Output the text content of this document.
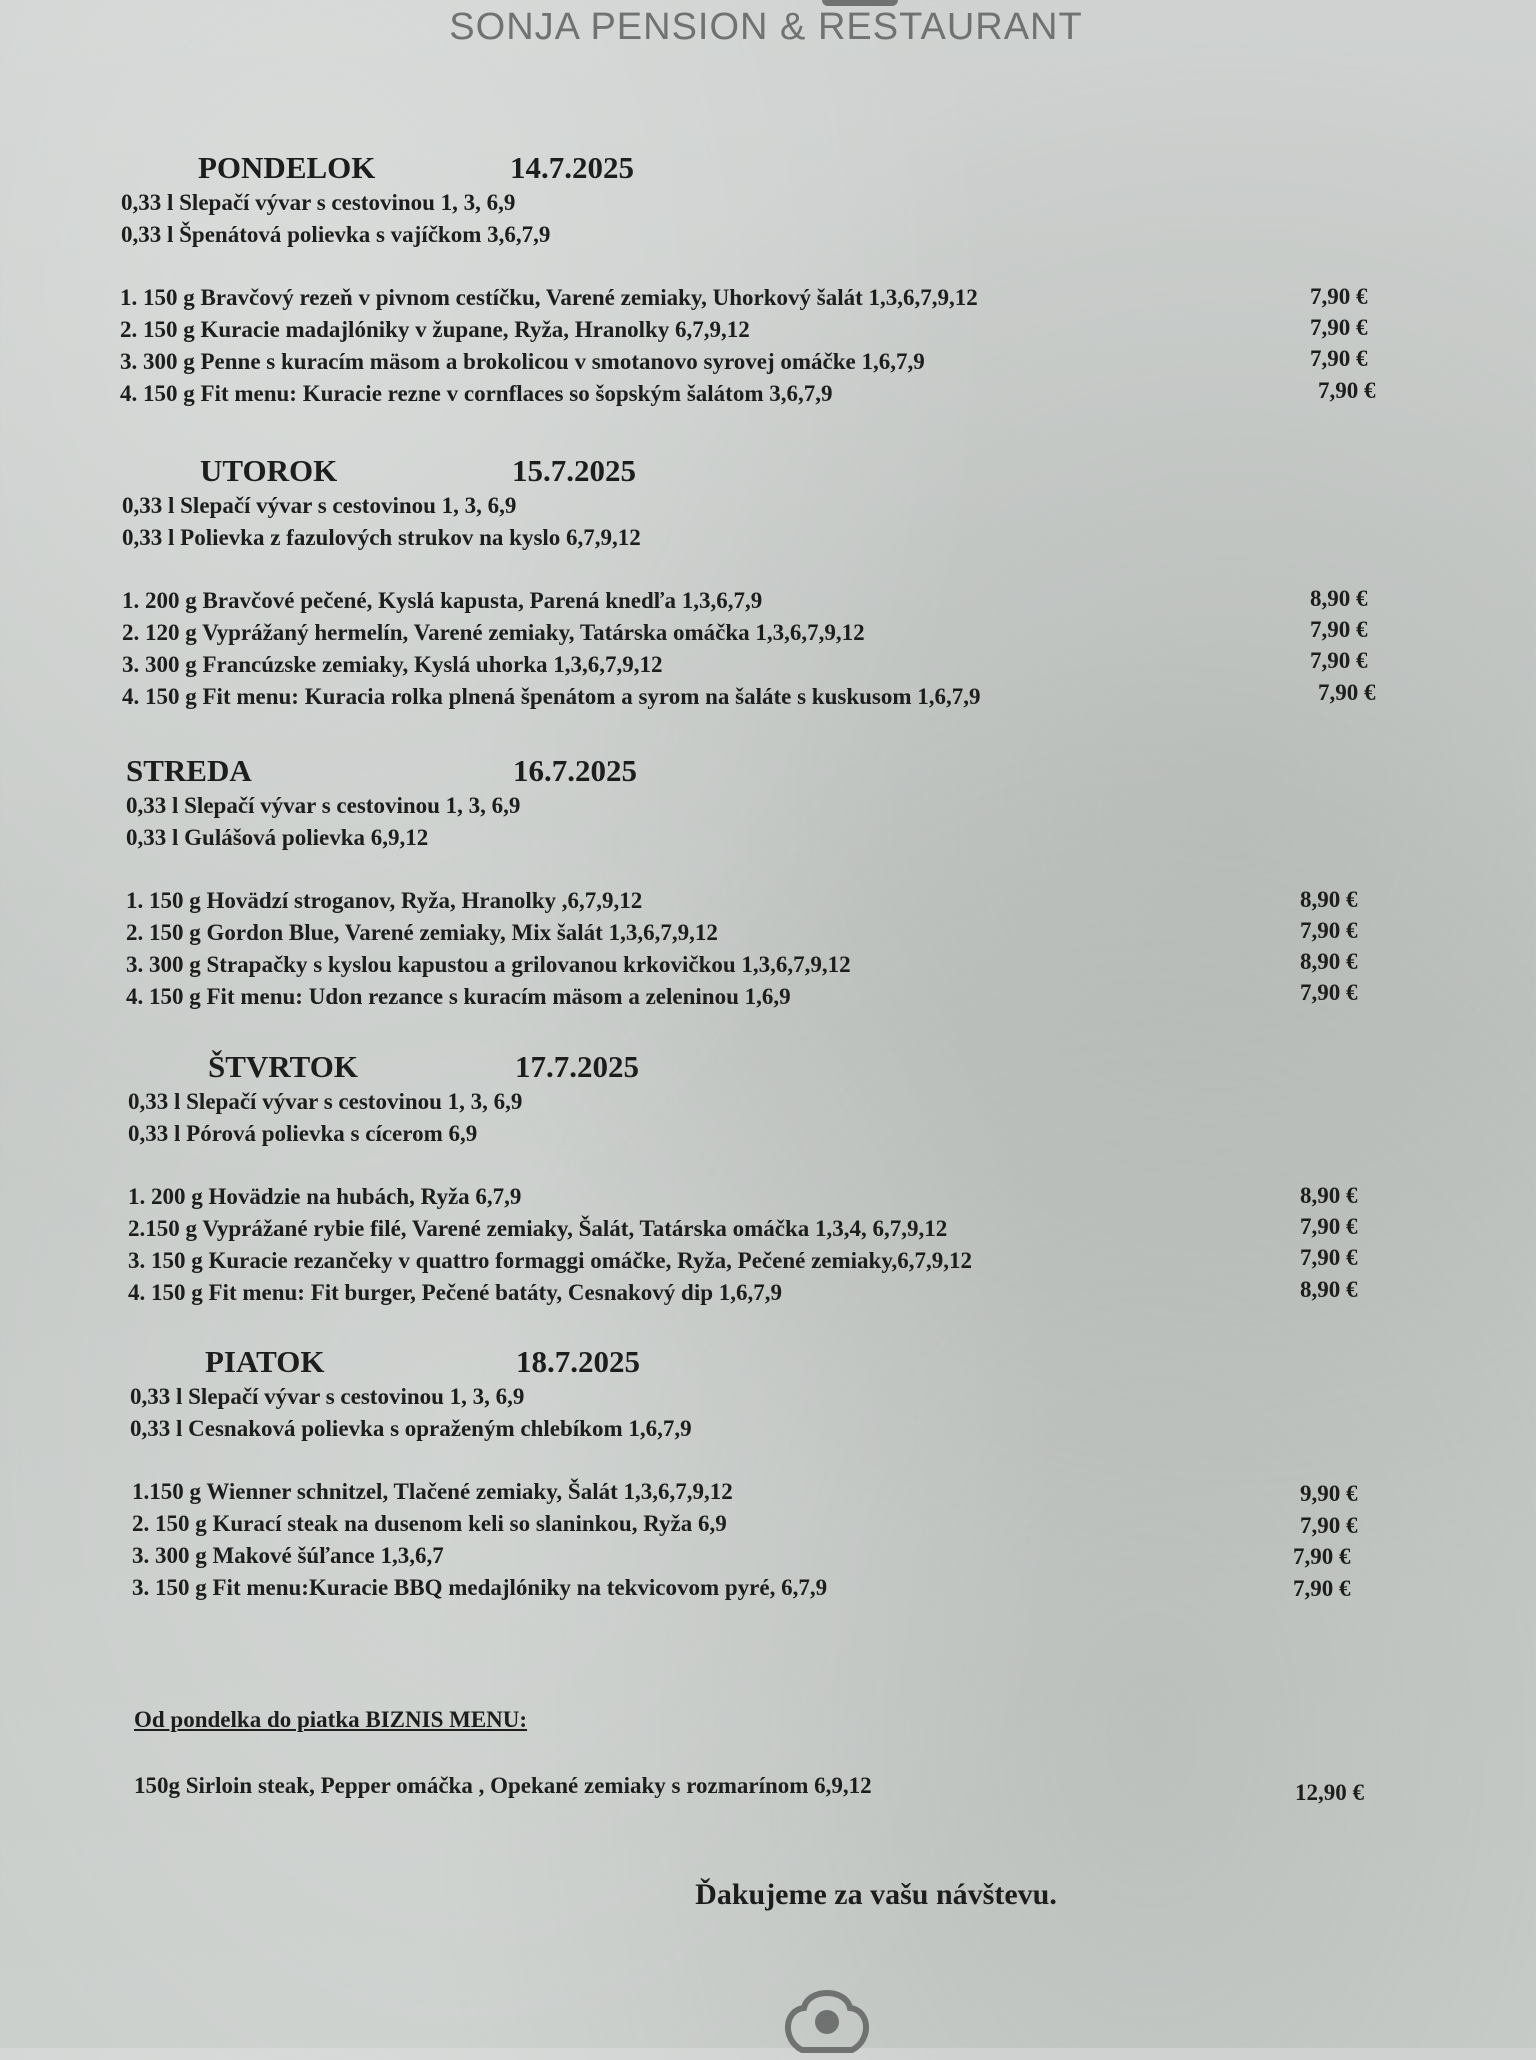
SONJA PENSION & RESTAURANT
PONDELOK	14.7.2025
0,33 l Slepačí vývar s cestovinou 1, 3, 6,9
0,33 l Špenátová polievka s vajíčkom 3,6,7,9
1. 150 g Bravčový rezeň v pivnom cestíčku, Varené zemiaky, Uhorkový šalát 1,3,6,7,9,12	7,90 €
2. 150 g Kuracie madajlóniky v župane, Ryža, Hranolky 6,7,9,12	7,90 €
3. 300 g Penne s kuracím mäsom a brokolicou v smotanovo syrovej omáčke 1,6,7,9	7,90 €
4. 150 g Fit menu: Kuracie rezne v cornflaces so šopským šalátom 3,6,7,9	7,90 €
UTOROK	15.7.2025
0,33 l Slepačí vývar s cestovinou 1, 3, 6,9
0,33 l Polievka z fazulových strukov na kyslo 6,7,9,12
1. 200 g Bravčové pečené, Kyslá kapusta, Parená knedľa 1,3,6,7,9	8,90 €
2. 120 g Vyprážaný hermelín, Varené zemiaky, Tatárska omáčka 1,3,6,7,9,12	7,90 €
3. 300 g Francúzske zemiaky, Kyslá uhorka 1,3,6,7,9,12	7,90 €
4. 150 g Fit menu: Kuracia rolka plnená špenátom a syrom na šaláte s kuskusom 1,6,7,9	7,90 €
STREDA	16.7.2025
0,33 l Slepačí vývar s cestovinou 1, 3, 6,9
0,33 l Gulášová polievka 6,9,12
1. 150 g Hovädzí stroganov, Ryža, Hranolky ,6,7,9,12	8,90 €
2. 150 g Gordon Blue, Varené zemiaky, Mix šalát 1,3,6,7,9,12	7,90 €
3. 300 g Strapačky s kyslou kapustou a grilovanou krkovičkou 1,3,6,7,9,12	8,90 €
4. 150 g Fit menu: Udon rezance s kuracím mäsom a zeleninou 1,6,9	7,90 €
ŠTVRTOK	17.7.2025
0,33 l Slepačí vývar s cestovinou 1, 3, 6,9
0,33 l Pórová polievka s cícerom 6,9
1. 200 g Hovädzie na hubách, Ryža 6,7,9	8,90 €
2.150 g Vyprážané rybie filé, Varené zemiaky, Šalát, Tatárska omáčka 1,3,4, 6,7,9,12	7,90 €
3. 150 g Kuracie rezančeky v quattro formaggi omáčke, Ryža, Pečené zemiaky,6,7,9,12	7,90 €
4. 150 g Fit menu: Fit burger, Pečené batáty, Cesnakový dip 1,6,7,9	8,90 €
PIATOK	18.7.2025
0,33 l Slepačí vývar s cestovinou 1, 3, 6,9
0,33 l Cesnaková polievka s opraženým chlebíkom 1,6,7,9
1.150 g Wienner schnitzel, Tlačené zemiaky, Šalát 1,3,6,7,9,12	9,90 €
2. 150 g Kurací steak na dusenom keli so slaninkou, Ryža 6,9	7,90 €
3. 300 g Makové šúľance 1,3,6,7	7,90 €
3. 150 g Fit menu:Kuracie BBQ medajlóniky na tekvicovom pyré, 6,7,9	7,90 €
Od pondelka do piatka BIZNIS MENU:
150g Sirloin steak, Pepper omáčka , Opekané zemiaky s rozmarínom 6,9,12	12,90 €
Ďakujeme za vašu návštevu.
